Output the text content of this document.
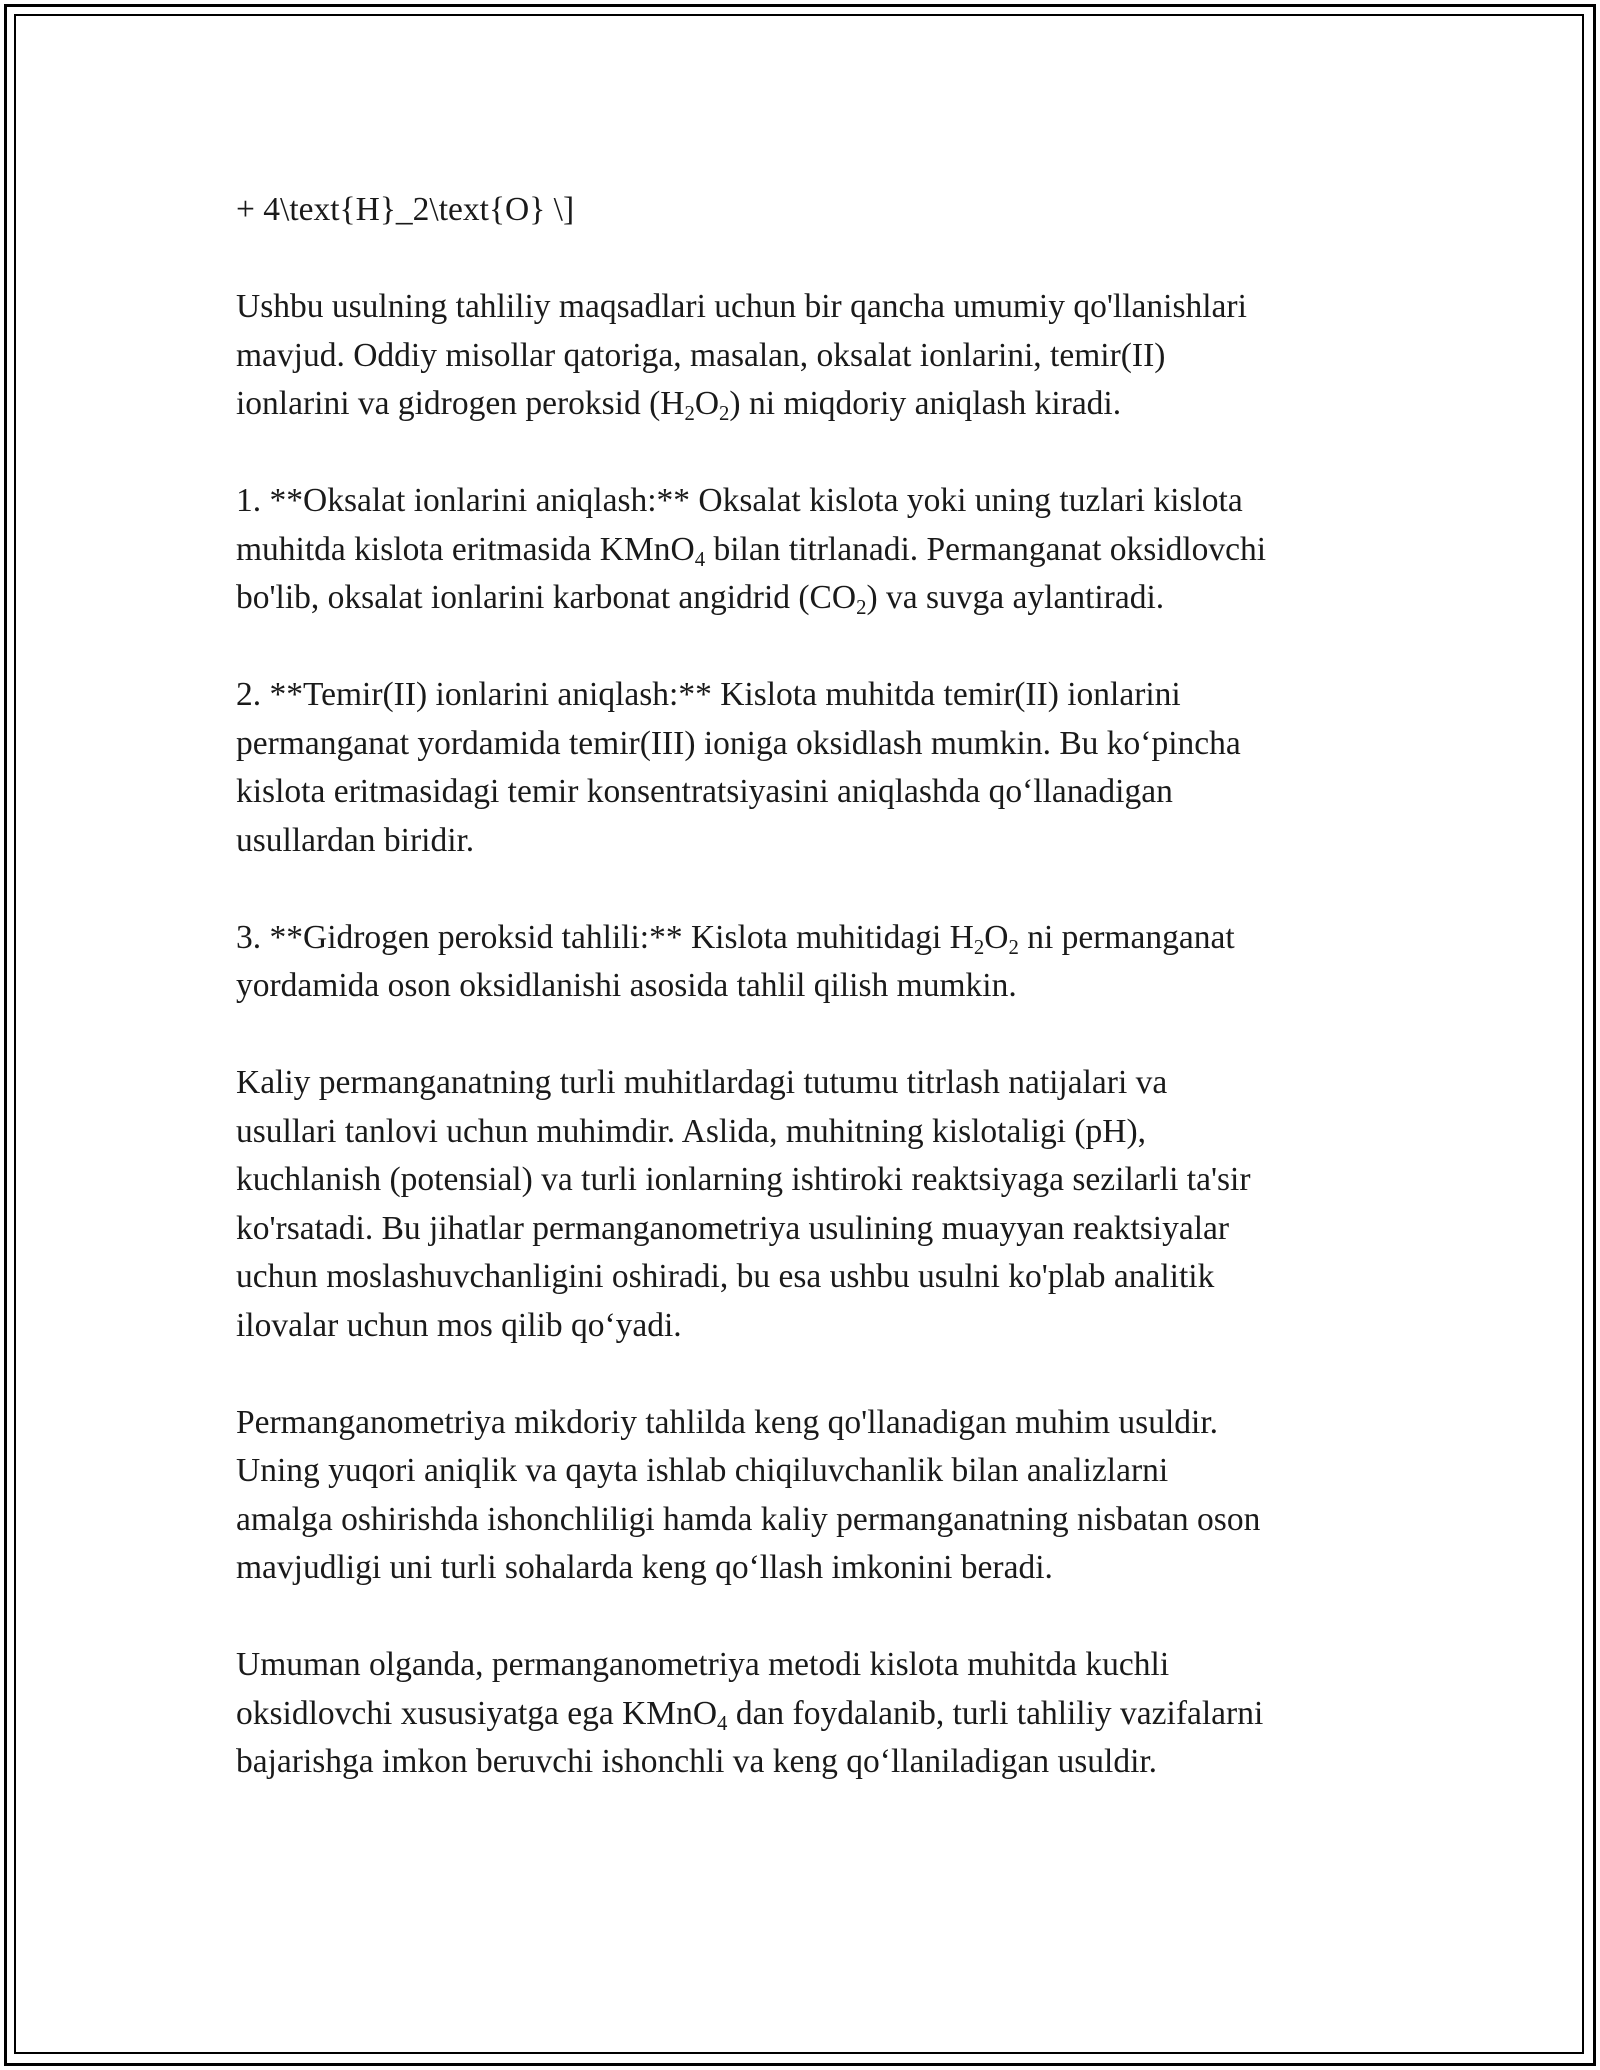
+ 4\text{H}_2\text{O} \]

Ushbu usulning tahliliy maqsadlari uchun bir qancha umumiy qo'llanishlari
mavjud. Oddiy misollar qatoriga, masalan, oksalat ionlarini, temir(II)
ionlarini va gidrogen peroksid $(H_2O_2)$ ni miqdoriy aniqlash kiradi.

1. **Oksalat ionlarini aniqlash:** Oksalat kislota yoki uning tuzlari kislota
muhitda kislota eritmasida KMnO$_4$ bilan titrlanadi. Permanganat oksidlovchi
bo'lib, oksalat ionlarini karbonat angidrid $(CO_2)$ va suvga aylantiradi.

2. **Temir(II) ionlarini aniqlash:** Kislota muhitda temir(II) ionlarini
permanganat yordamida temir(III) ioniga oksidlash mumkin. Bu ko‘pincha
kislota eritmasidagi temir konsentratsiyasini aniqlashda qo‘llanadigan
usullardan biridir.

3. **Gidrogen peroksid tahlili:** Kislota muhitidagi $H_2O_2$ ni permanganat
yordamida oson oksidlanishi asosida tahlil qilish mumkin.

Kaliy permanganatning turli muhitlardagi tutumu titrlash natijalari va
usullari tanlovi uchun muhimdir. Aslida, muhitning kislotaligi (pH),
kuchlanish (potensial) va turli ionlarning ishtiroki reaktsiyaga sezilarli ta'sir
ko'rsatadi. Bu jihatlar permanganometriya usulining muayyan reaktsiyalar
uchun moslashuvchanligini oshiradi, bu esa ushbu usulni ko'plab analitik
ilovalar uchun mos qilib qo‘yadi.

Permanganometriya mikdoriy tahlilda keng qo'llanadigan muhim usuldir.
Uning yuqori aniqlik va qayta ishlab chiqiluvchanlik bilan analizlarni
amalga oshirishda ishonchliligi hamda kaliy permanganatning nisbatan oson
mavjudligi uni turli sohalarda keng qo‘llash imkonini beradi.

Umuman olganda, permanganometriya metodi kislota muhitda kuchli
oksidlovchi xususiyatga ega KMnO$_4$ dan foydalanib, turli tahliliy vazifalarni
bajarishga imkon beruvchi ishonchli va keng qo‘llaniladigan usuldir.
